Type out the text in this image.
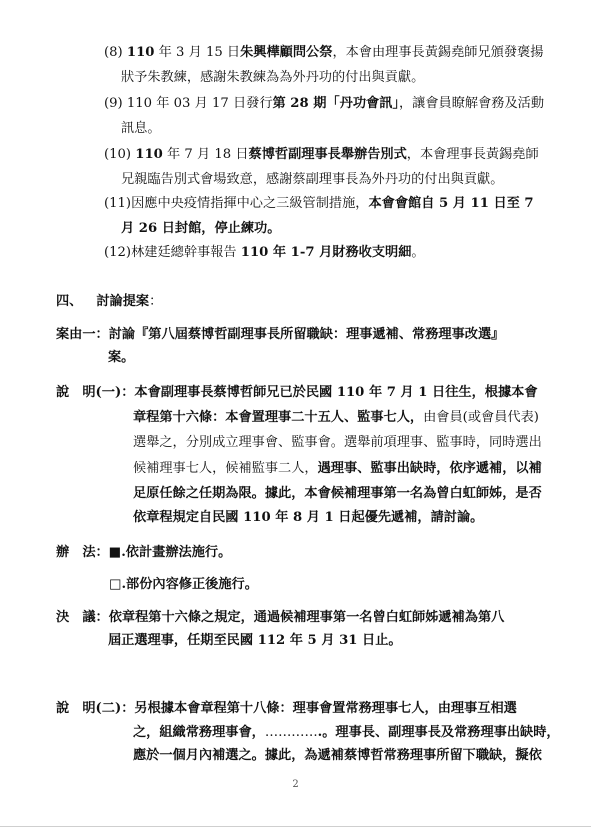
(8) 110 年 3 月 15 日朱興樺顧問公祭，本會由理事長黃錫堯師兄頒發褒揚
狀予朱教練，感謝朱教練為為外丹功的付出與貢獻。
(9) 110 年 03 月 17 日發行第 28 期「丹功會訊」，讓會員瞭解會務及活動
訊息。
(10) 110 年 7 月 18 日蔡博哲副理事長舉辦告別式，本會理事長黃錫堯師
兄親臨告別式會場致意，感謝蔡副理事長為外丹功的付出與貢獻。
(11)因應中央疫情指揮中心之三級管制措施，本會會館自 5 月 11 日至 7
月 26 日封館，停止練功。
(12)林建廷總幹事報告 110 年 1-7 月財務收支明細。
四、 討論提案：
案由一：討論『第八屆蔡博哲副理事長所留職缺：理事遞補、常務理事改選』
案。
說　明(一)：本會副理事長蔡博哲師兄已於民國 110 年 7 月 1 日往生，根據本會
章程第十六條：本會置理事二十五人、監事七人，由會員(或會員代表)
選舉之，分別成立理事會、監事會。選舉前項理事、監事時，同時選出
候補理事七人，候補監事二人，遇理事、監事出缺時，依序遞補，以補
足原任餘之任期為限。據此，本會候補理事第一名為曾白虹師姊，是否
依章程規定自民國 110 年 8 月 1 日起優先遞補，請討論。
辦　法：■.依計畫辦法施行。
□.部份內容修正後施行。
決　議：依章程第十六條之規定，通過候補理事第一名曾白虹師姊遞補為第八
屆正選理事，任期至民國 112 年 5 月 31 日止。
說　明(二)：另根據本會章程第十八條：理事會置常務理事七人，由理事互相選
之，組織常務理事會，………….。理事長、副理事長及常務理事出缺時，
應於一個月內補選之。據此，為遞補蔡博哲常務理事所留下職缺，擬依
2
